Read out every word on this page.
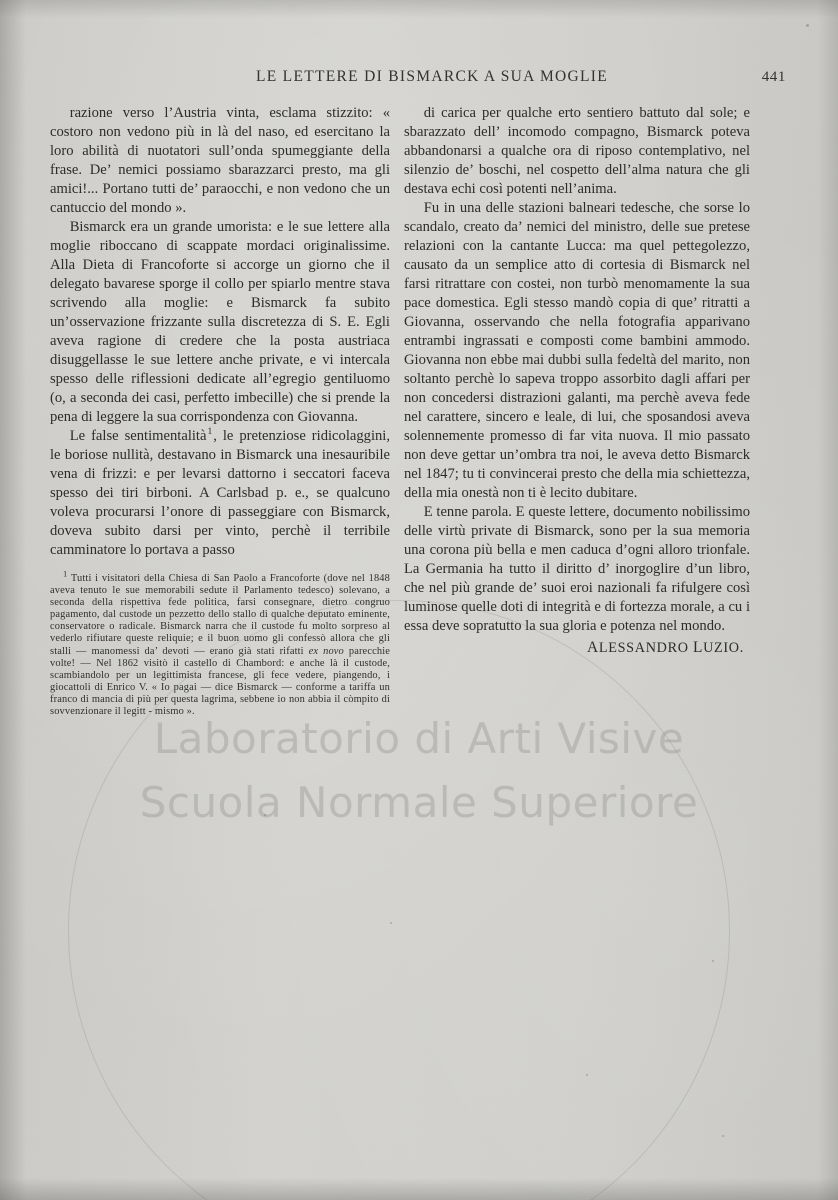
Laboratorio di Arti Visive
Scuola Normale Superiore
LE LETTERE DI BISMARCK A SUA MOGLIE	441

razione verso l’Austria vinta, esclama stizzito: « costoro non vedono più in là del naso, ed esercitano la loro abilità di nuotatori sull’onda spumeggiante della frase. De’ nemici possiamo sbarazzarci presto, ma gli amici!... Portano tutti de’ paraocchi, e non vedono che un cantuccio del mondo ».

Bismarck era un grande umorista: e le sue lettere alla moglie riboccano di scappate mordaci originalissime. Alla Dieta di Francoforte si accorge un giorno che il delegato bavarese sporge il collo per spiarlo mentre stava scrivendo alla moglie: e Bismarck fa subito un’osservazione frizzante sulla discretezza di S. E. Egli aveva ragione di credere che la posta austriaca disuggellasse le sue lettere anche private, e vi intercala spesso delle riflessioni dedicate all’egregio gentiluomo (o, a seconda dei casi, perfetto imbecille) che si prende la pena di leggere la sua corrispondenza con Giovanna.

Le false sentimentalità$^1$, le pretenziose ridicolaggini, le boriose nullità, destavano in Bismarck una inesauribile vena di frizzi: e per levarsi dattorno i seccatori faceva spesso dei tiri birboni. A Carlsbad p. e., se qualcuno voleva procurarsi l’onore di passeggiare con Bismarck, doveva subito darsi per vinto, perchè il terribile camminatore lo portava a passo

$^1$ Tutti i visitatori della Chiesa di San Paolo a Francoforte (dove nel 1848 aveva tenuto le sue memorabili sedute il Parlamento tedesco) solevano, a seconda della rispettiva fede politica, farsi consegnare, dietro congruo pagamento, dal custode un pezzetto dello stallo di qualche deputato eminente, conservatore o radicale. Bismarck narra che il custode fu molto sorpreso al vederlo rifiutare queste reliquie; e il buon uomo gli confessò allora che gli stalli — manomessi da’ devoti — erano già stati rifatti ex novo parecchie volte! — Nel 1862 visitò il castello di Chambord: e anche là il custode, scambiandolo per un legittimista francese, gli fece vedere, piangendo, i giocattoli di Enrico V. « Io pagai — dice Bismarck — conforme a tariffa un franco di mancia di più per questa lagrima, sebbene io non abbia il còmpito di sovvenzionare il legitt - mismo ».

di carica per qualche erto sentiero battuto dal sole; e sbarazzato dell’ incomodo compagno, Bismarck poteva abbandonarsi a qualche ora di riposo contemplativo, nel silenzio de’ boschi, nel cospetto dell’alma natura che gli destava echi così potenti nell’anima.

Fu in una delle stazioni balneari tedesche, che sorse lo scandalo, creato da’ nemici del ministro, delle sue pretese relazioni con la cantante Lucca: ma quel pettegolezzo, causato da un semplice atto di cortesia di Bismarck nel farsi ritrattare con costei, non turbò menomamente la sua pace domestica. Egli stesso mandò copia di que’ ritratti a Giovanna, osservando che nella fotografia apparivano entrambi ingrassati e composti come bambini ammodo. Giovanna non ebbe mai dubbi sulla fedeltà del marito, non soltanto perchè lo sapeva troppo assorbito dagli affari per non concedersi distrazioni galanti, ma perchè aveva fede nel carattere, sincero e leale, di lui, che sposandosi aveva solennemente promesso di far vita nuova. Il mio passato non deve gettar un’ombra tra noi, le aveva detto Bismarck nel 1847; tu ti convincerai presto che della mia schiettezza, della mia onestà non ti è lecito dubitare.

E tenne parola. E queste lettere, documento nobilissimo delle virtù private di Bismarck, sono per la sua memoria una corona più bella e men caduca d’ogni alloro trionfale. La Germania ha tutto il diritto d’ inorgoglire d’un libro, che nel più grande de’ suoi eroi nazionali fa rifulgere così luminose quelle doti di integrità e di fortezza morale, a cu i essa deve sopratutto la sua gloria e potenza nel mondo.

ALESSANDRO LUZIO.
